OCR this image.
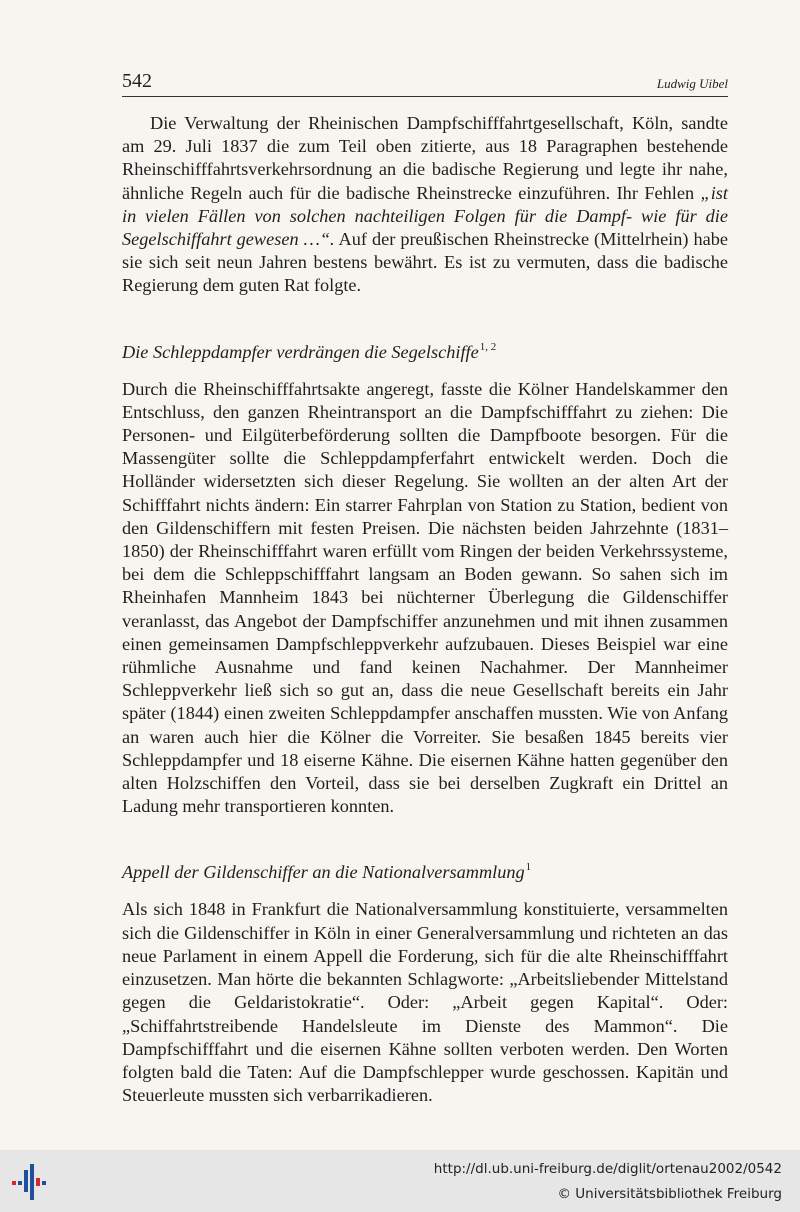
542	Ludwig Uibel

Die Verwaltung der Rheinischen Dampfschifffahrtgesellschaft, Köln, sandte am 29. Juli 1837 die zum Teil oben zitierte, aus 18 Paragraphen bestehende Rheinschifffahrtsverkehrsordnung an die badische Regierung und legte ihr nahe, ähnliche Regeln auch für die badische Rheinstrecke einzuführen. Ihr Fehlen „ist in vielen Fällen von solchen nachteiligen Folgen für die Dampf- wie für die Segelschiffahrt gewesen …“. Auf der preußischen Rheinstrecke (Mittelrhein) habe sie sich seit neun Jahren bestens bewährt. Es ist zu vermuten, dass die badische Regierung dem guten Rat folgte.

Die Schleppdampfer verdrängen die Segelschiffe$^{1, 2}$

Durch die Rheinschifffahrtsakte angeregt, fasste die Kölner Handelskammer den Entschluss, den ganzen Rheintransport an die Dampfschifffahrt zu ziehen: Die Personen- und Eilgüterbeförderung sollten die Dampfboote besorgen. Für die Massengüter sollte die Schleppdampferfahrt entwickelt werden. Doch die Holländer widersetzten sich dieser Regelung. Sie wollten an der alten Art der Schifffahrt nichts ändern: Ein starrer Fahrplan von Station zu Station, bedient von den Gildenschiffern mit festen Preisen. Die nächsten beiden Jahrzehnte (1831–1850) der Rheinschifffahrt waren erfüllt vom Ringen der beiden Verkehrssysteme, bei dem die Schleppschifffahrt langsam an Boden gewann. So sahen sich im Rheinhafen Mannheim 1843 bei nüchterner Überlegung die Gildenschiffer veranlasst, das Angebot der Dampfschiffer anzunehmen und mit ihnen zusammen einen gemeinsamen Dampfschleppverkehr aufzubauen. Dieses Beispiel war eine rühmliche Ausnahme und fand keinen Nachahmer. Der Mannheimer Schleppverkehr ließ sich so gut an, dass die neue Gesellschaft bereits ein Jahr später (1844) einen zweiten Schleppdampfer anschaffen mussten. Wie von Anfang an waren auch hier die Kölner die Vorreiter. Sie besaßen 1845 bereits vier Schleppdampfer und 18 eiserne Kähne. Die eisernen Kähne hatten gegenüber den alten Holzschiffen den Vorteil, dass sie bei derselben Zugkraft ein Drittel an Ladung mehr transportieren konnten.

Appell der Gildenschiffer an die Nationalversammlung$^1$

Als sich 1848 in Frankfurt die Nationalversammlung konstituierte, versammelten sich die Gildenschiffer in Köln in einer Generalversammlung und richteten an das neue Parlament in einem Appell die Forderung, sich für die alte Rheinschifffahrt einzusetzen. Man hörte die bekannten Schlagworte: „Arbeitsliebender Mittelstand gegen die Geldaristokratie“. Oder: „Arbeit gegen Kapital“. Oder: „Schiffahrtstreibende Handelsleute im Dienste des Mammon“. Die Dampfschifffahrt und die eisernen Kähne sollten verboten werden. Den Worten folgten bald die Taten: Auf die Dampfschlepper wurde geschossen. Kapitän und Steuerleute mussten sich verbarrikadieren.

http://dl.ub.uni-freiburg.de/diglit/ortenau2002/0542
© Universitätsbibliothek Freiburg
